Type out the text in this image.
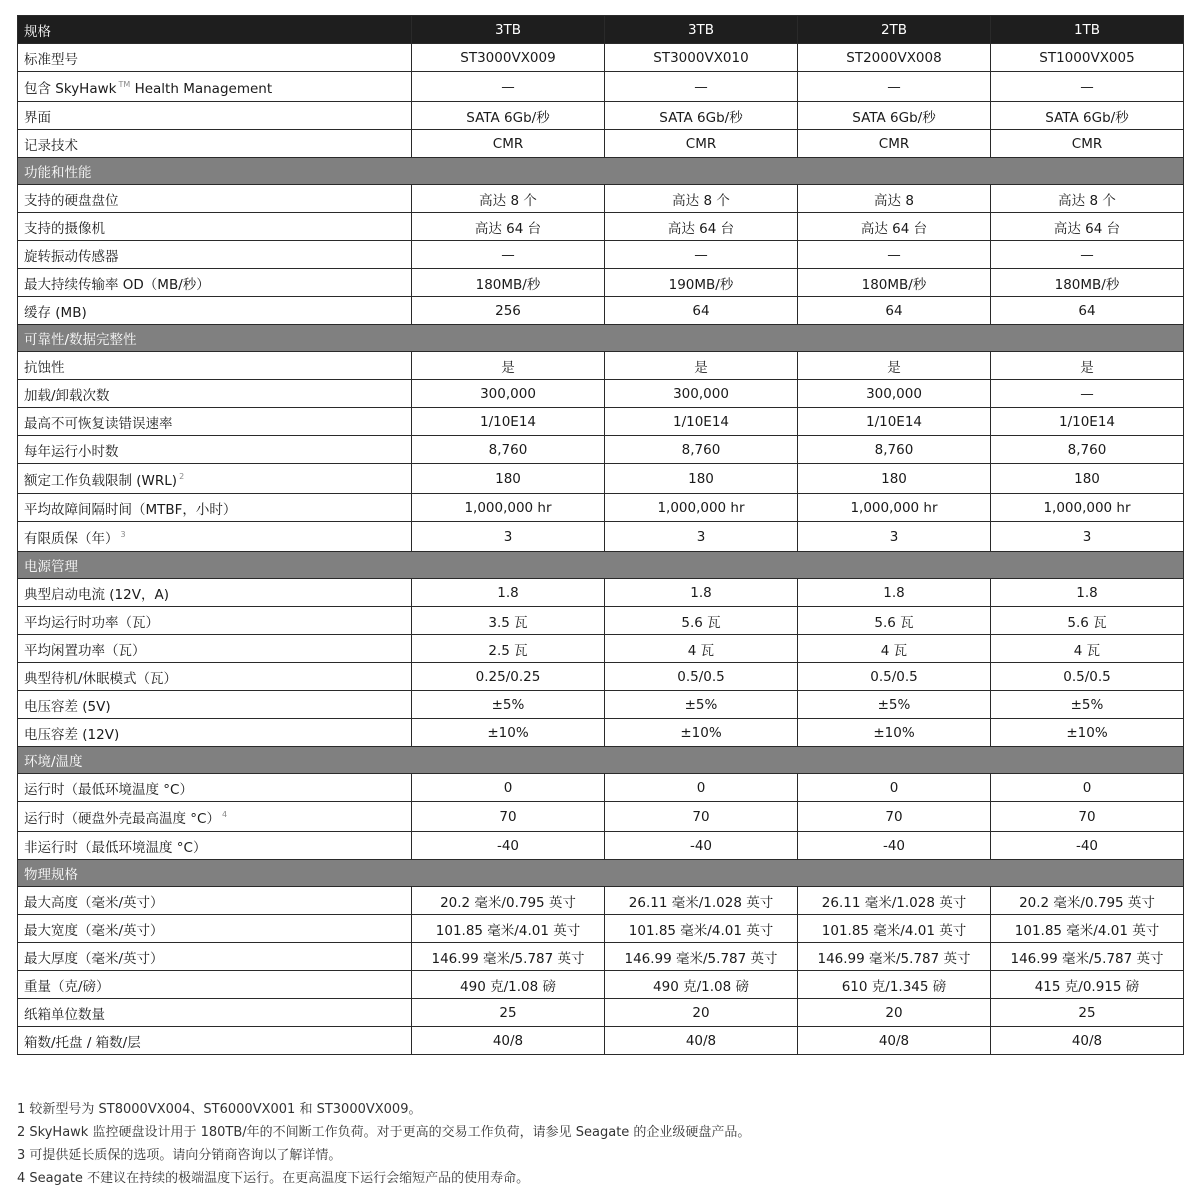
规格	3TB	3TB	2TB	1TB
标准型号	ST3000VX009	ST3000VX010	ST2000VX008	ST1000VX005
包含 SkyHawk ™ Health Management	—	—	—	—
界面	SATA 6Gb/秒	SATA 6Gb/秒	SATA 6Gb/秒	SATA 6Gb/秒
记录技术	CMR	CMR	CMR	CMR
功能和性能				
支持的硬盘盘位	高达 8 个	高达 8 个	高达 8	高达 8 个
支持的摄像机	高达 64 台	高达 64 台	高达 64 台	高达 64 台
旋转振动传感器	—	—	—	—
最大持续传输率 OD（MB/秒）	180MB/秒	190MB/秒	180MB/秒	180MB/秒
缓存 (MB)	256	64	64	64
可靠性/数据完整性				
抗蚀性	是	是	是	是
加载/卸载次数	300,000	300,000	300,000	—
最高不可恢复读错误速率	1/10E14	1/10E14	1/10E14	1/10E14
每年运行小时数	8,760	8,760	8,760	8,760
额定工作负载限制 (WRL) $^2$	180	180	180	180
平均故障间隔时间（MTBF，小时）	1,000,000 hr	1,000,000 hr	1,000,000 hr	1,000,000 hr
有限质保（年） $^3$	3	3	3	3
电源管理				
典型启动电流 (12V，A)	1.8	1.8	1.8	1.8
平均运行时功率（瓦）	3.5 瓦	5.6 瓦	5.6 瓦	5.6 瓦
平均闲置功率（瓦）	2.5 瓦	4 瓦	4 瓦	4 瓦
典型待机/休眠模式（瓦）	0.25/0.25	0.5/0.5	0.5/0.5	0.5/0.5
电压容差 (5V)	±5%	±5%	±5%	±5%
电压容差 (12V)	±10%	±10%	±10%	±10%
环境/温度				
运行时（最低环境温度 °C）	0	0	0	0
运行时（硬盘外壳最高温度 °C） $^4$	70	70	70	70
非运行时（最低环境温度 °C）	-40	-40	-40	-40
物理规格				
最大高度（毫米/英寸）	20.2 毫米/0.795 英寸	26.11 毫米/1.028 英寸	26.11 毫米/1.028 英寸	20.2 毫米/0.795 英寸
最大宽度（毫米/英寸）	101.85 毫米/4.01 英寸	101.85 毫米/4.01 英寸	101.85 毫米/4.01 英寸	101.85 毫米/4.01 英寸
最大厚度（毫米/英寸）	146.99 毫米/5.787 英寸	146.99 毫米/5.787 英寸	146.99 毫米/5.787 英寸	146.99 毫米/5.787 英寸
重量（克/磅）	490 克/1.08 磅	490 克/1.08 磅	610 克/1.345 磅	415 克/0.915 磅
纸箱单位数量	25	20	20	25
箱数/托盘 / 箱数/层	40/8	40/8	40/8	40/8
1 较新型号为 ST8000VX004、ST6000VX001 和 ST3000VX009。
2 SkyHawk 监控硬盘设计用于 180TB/年的不间断工作负荷。对于更高的交易工作负荷，请参见 Seagate 的企业级硬盘产品。
3 可提供延长质保的选项。请向分销商咨询以了解详情。
4 Seagate 不建议在持续的极端温度下运行。在更高温度下运行会缩短产品的使用寿命。
